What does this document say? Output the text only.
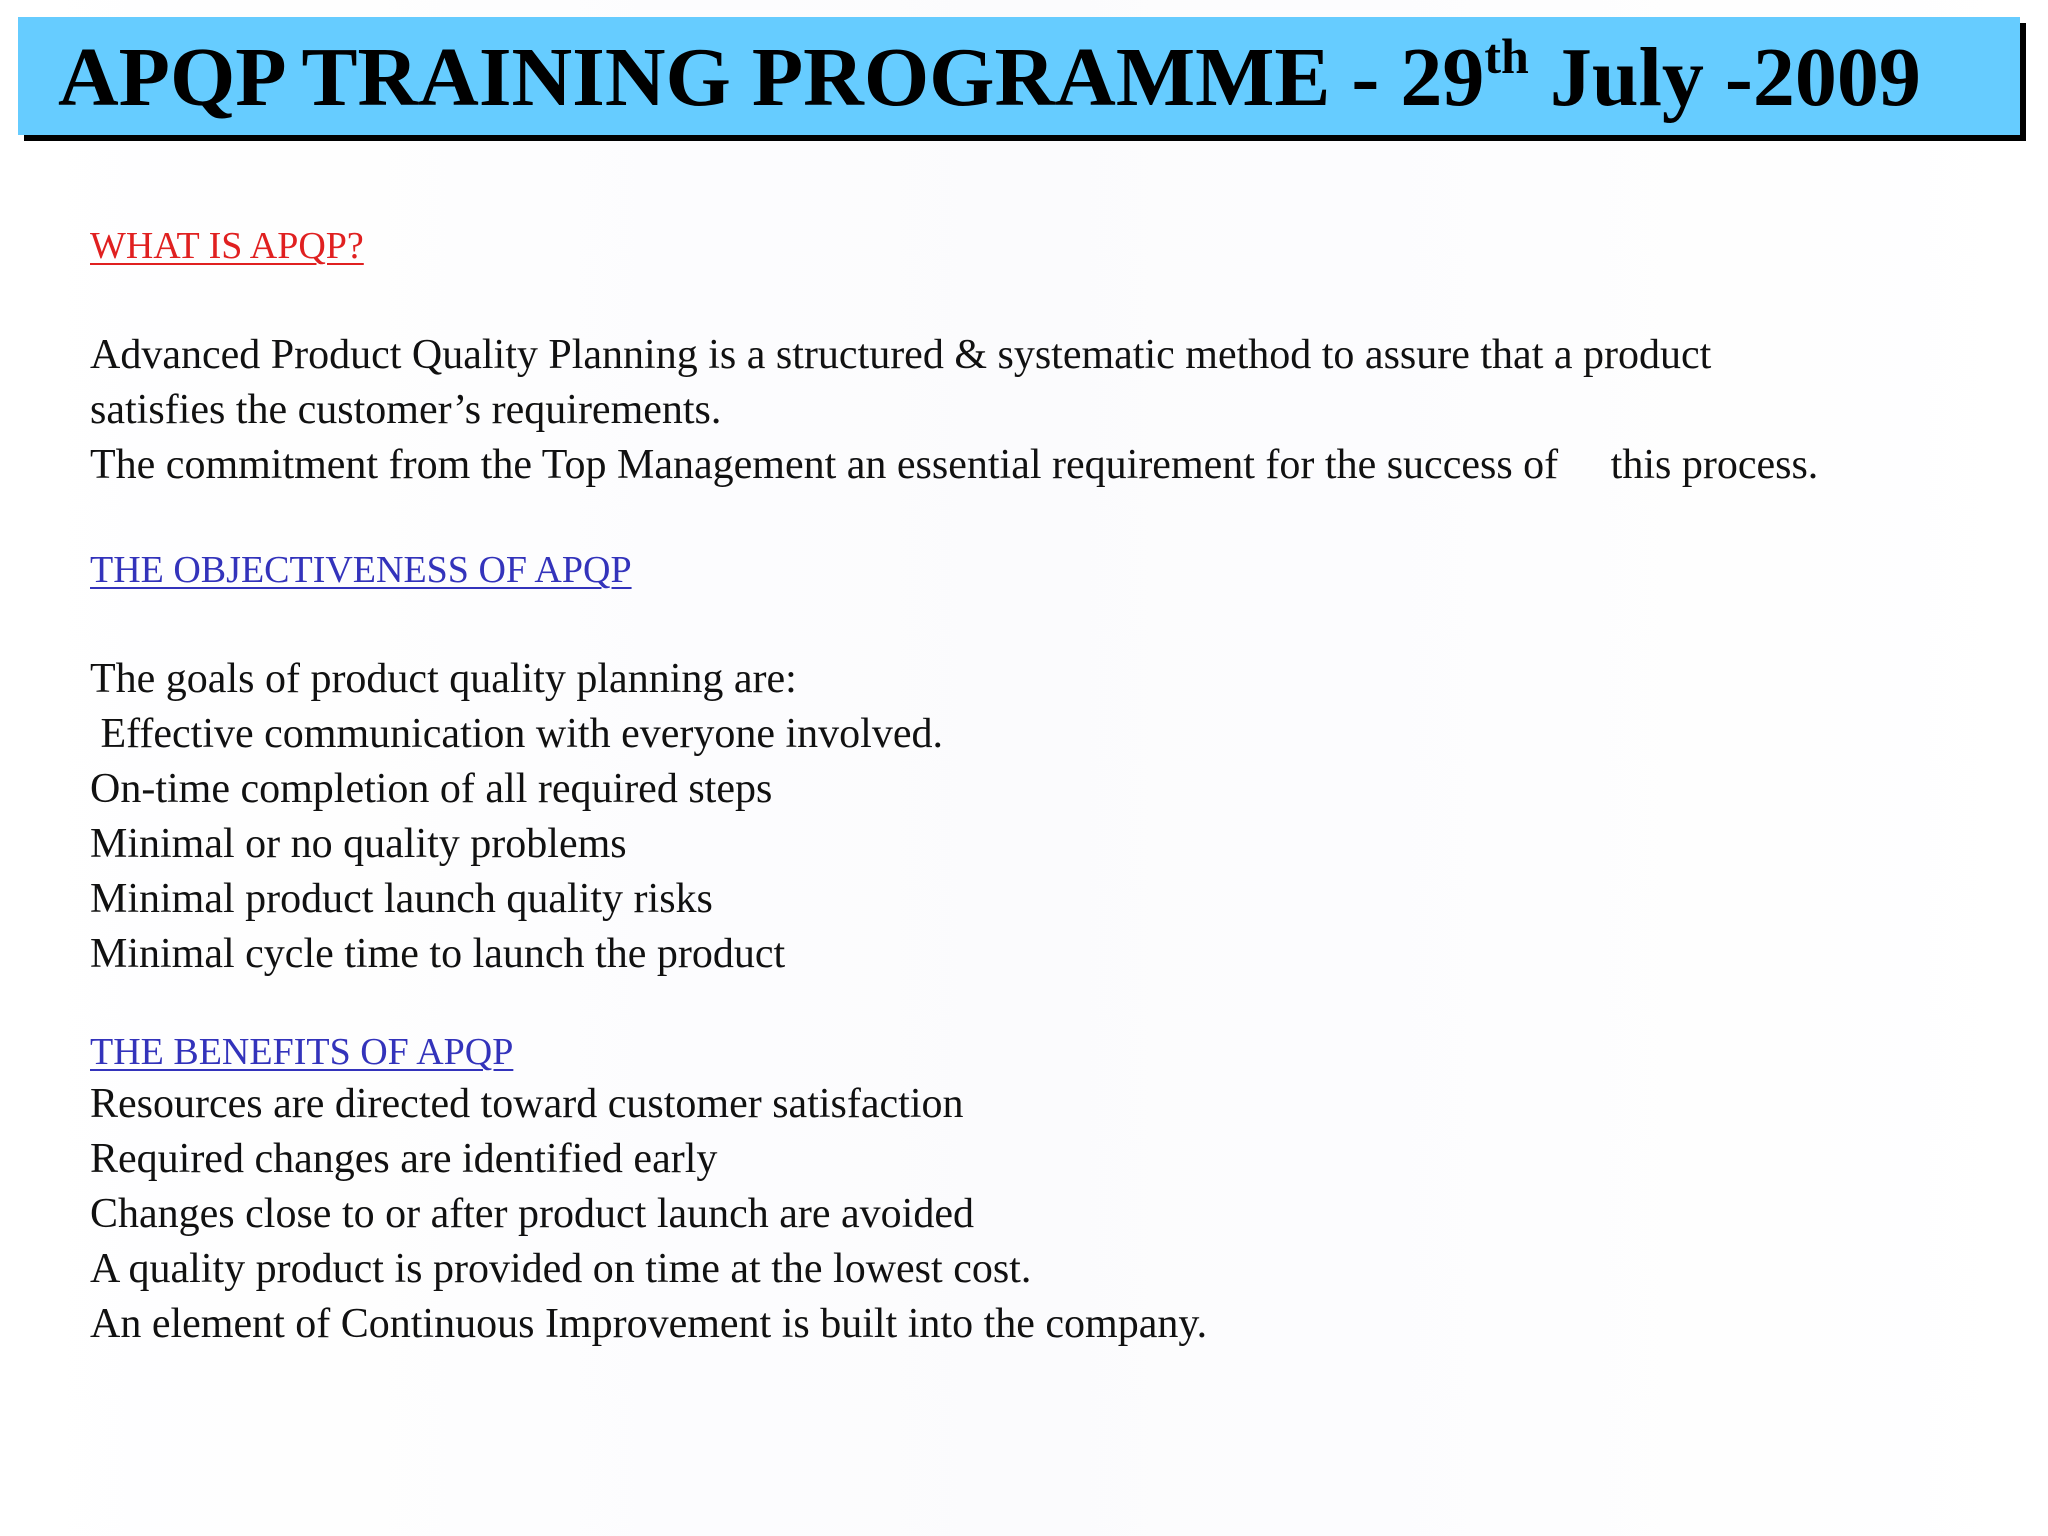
APQP TRAINING PROGRAMME - 29th July -2009
WHAT IS APQP?

Advanced Product Quality Planning is a structured & systematic method to assure that a product

satisfies the customer’s requirements.

The commitment from the Top Management an essential requirement for the success of     this process.

THE OBJECTIVENESS OF APQP

The goals of product quality planning are:

Effective communication with everyone involved.
On-time completion of all required steps
Minimal or no quality problems
Minimal product launch quality risks
Minimal cycle time to launch the product
THE BENEFITS OF APQP
Resources are directed toward customer satisfaction
Required changes are identified early
Changes close to or after product launch are avoided
A quality product is provided on time at the lowest cost.
An element of Continuous Improvement is built into the company.
